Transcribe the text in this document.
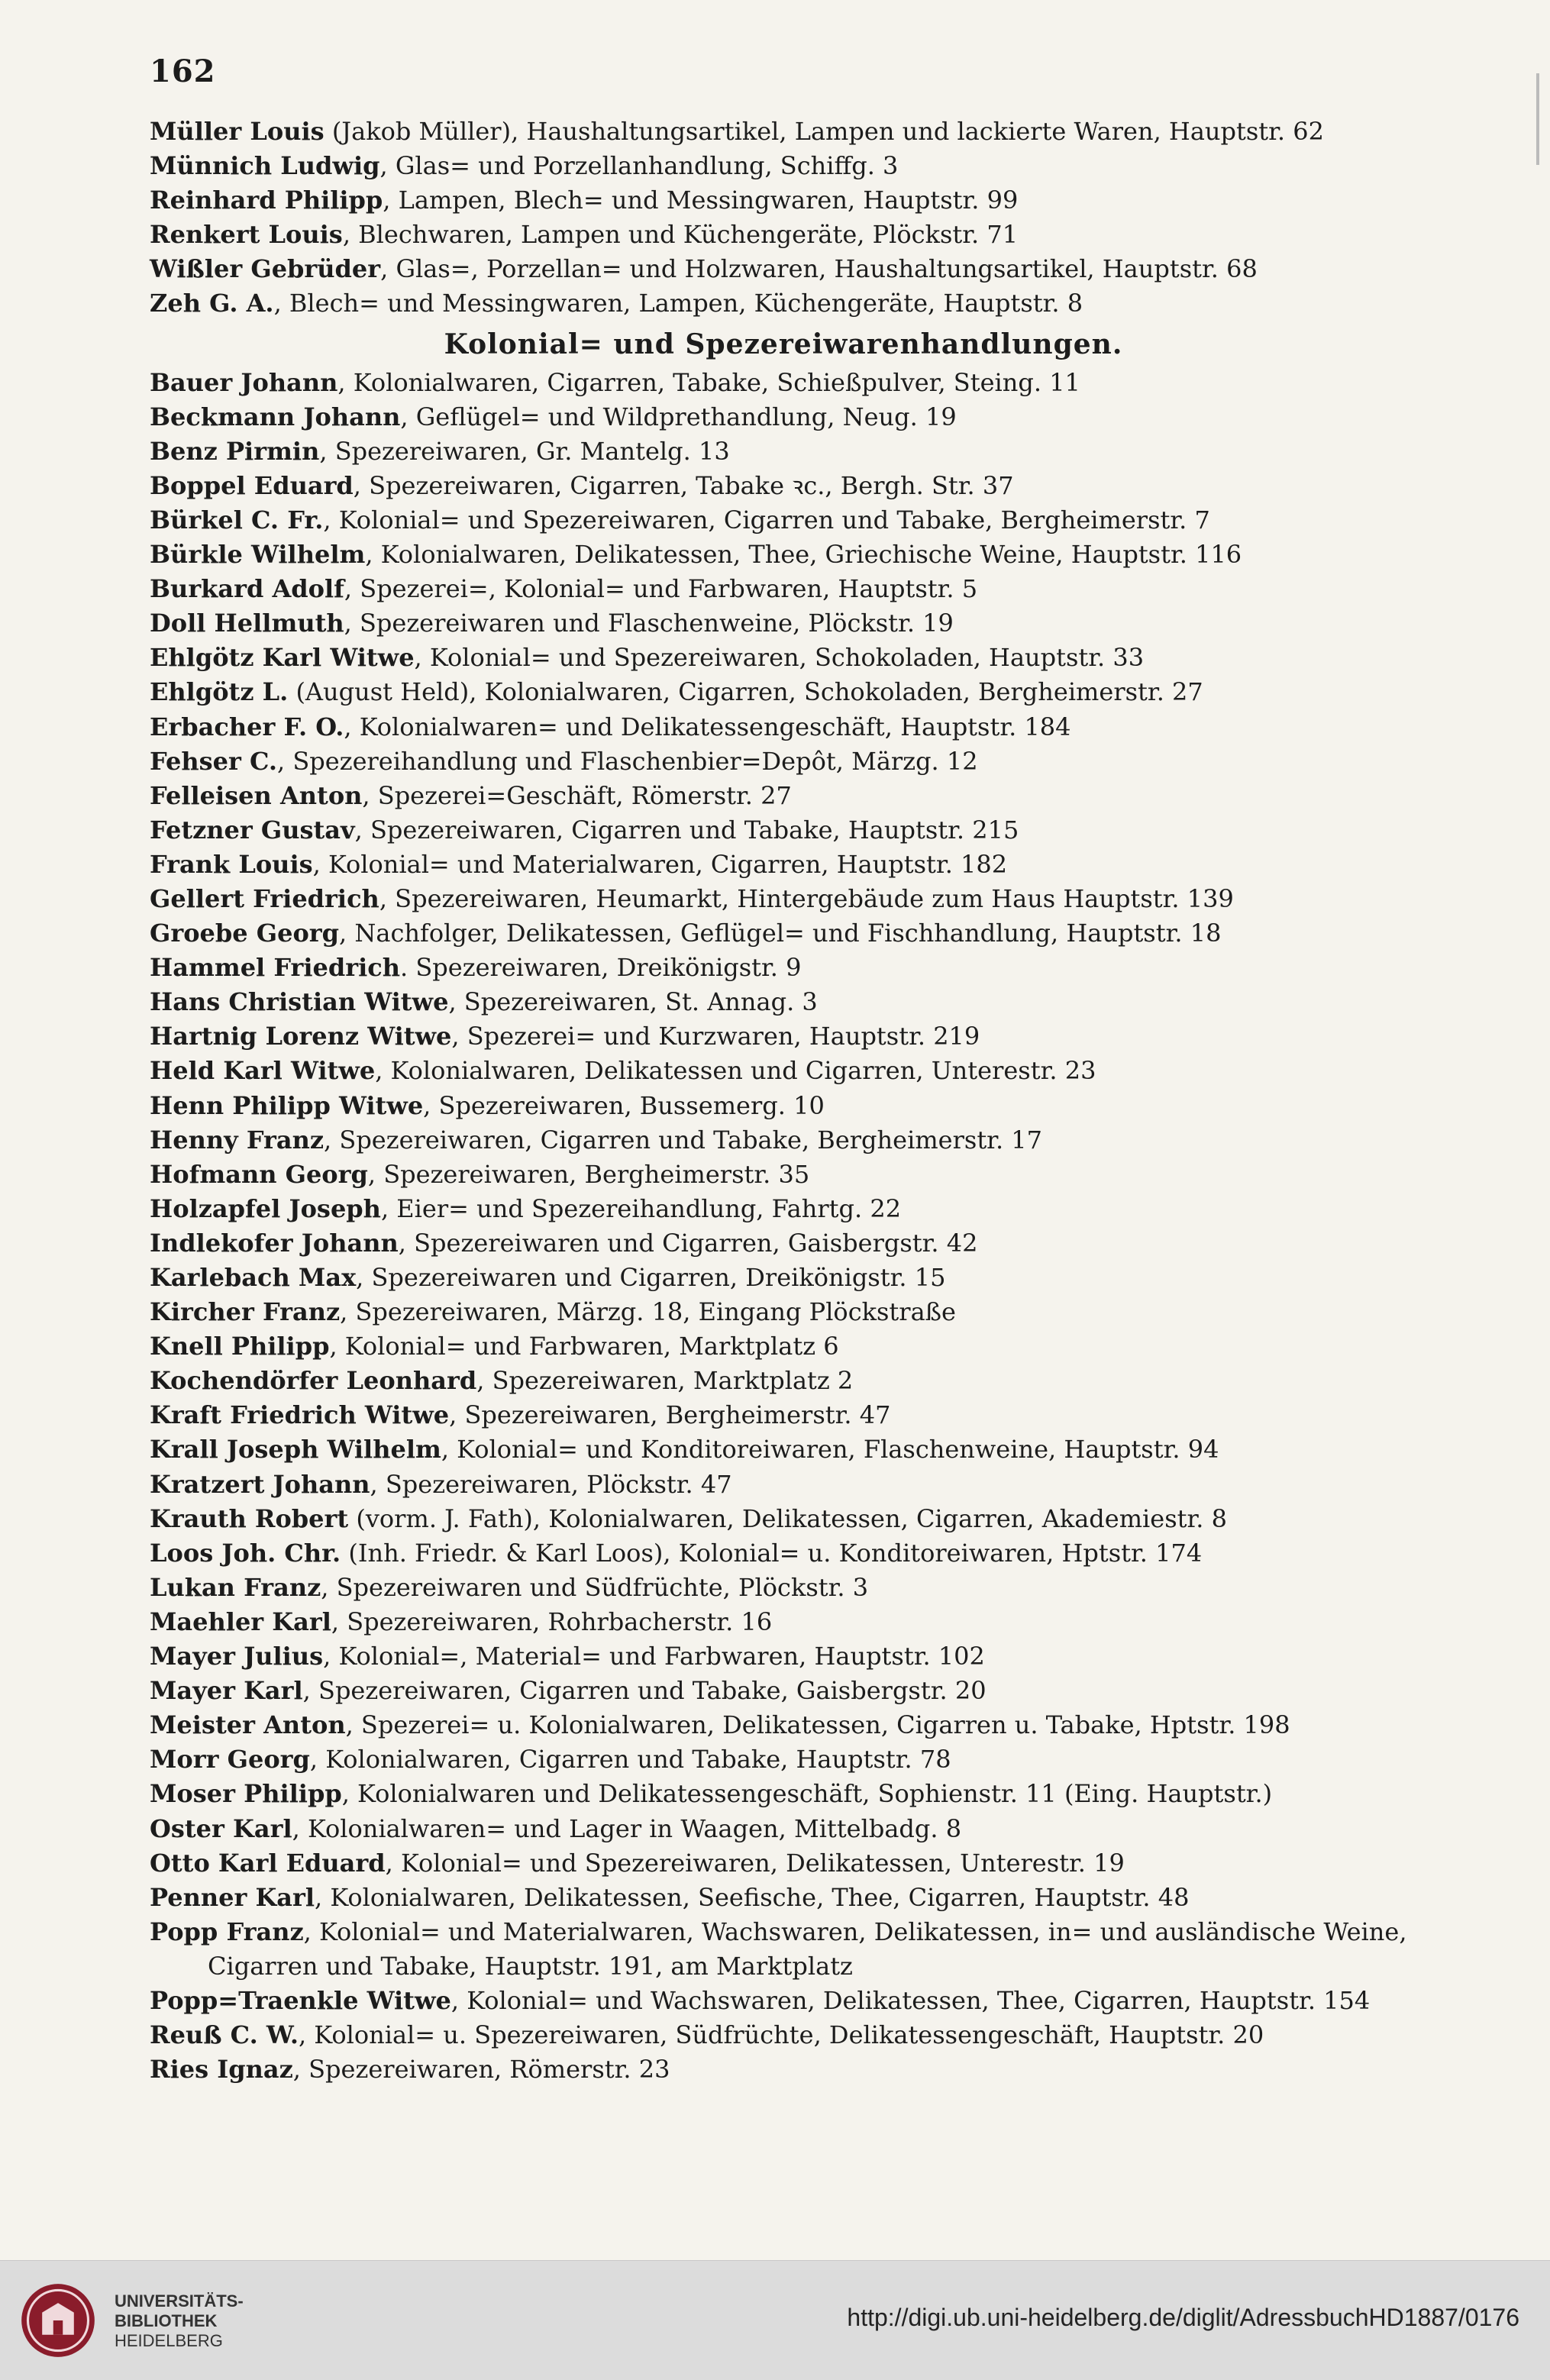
162
Müller Louis (Jakob Müller), Haushaltungsartikel, Lampen und lackierte Waren, Hauptstr. 62
Münnich Ludwig, Glas= und Porzellanhandlung, Schiffg. 3
Reinhard Philipp, Lampen, Blech= und Messingwaren, Hauptstr. 99
Renkert Louis, Blechwaren, Lampen und Küchengeräte, Plöckstr. 71
Wißler Gebrüder, Glas=, Porzellan= und Holzwaren, Haushaltungsartikel, Hauptstr. 68
Zeh G. A., Blech= und Messingwaren, Lampen, Küchengeräte, Hauptstr. 8
Kolonial= und Spezereiwarenhandlungen.
Bauer Johann, Kolonialwaren, Cigarren, Tabake, Schießpulver, Steing. 11
Beckmann Johann, Geflügel= und Wildprethandlung, Neug. 19
Benz Pirmin, Spezereiwaren, Gr. Mantelg. 13
Boppel Eduard, Spezereiwaren, Cigarren, Tabake ꝛc., Bergh. Str. 37
Bürkel C. Fr., Kolonial= und Spezereiwaren, Cigarren und Tabake, Bergheimerstr. 7
Bürkle Wilhelm, Kolonialwaren, Delikatessen, Thee, Griechische Weine, Hauptstr. 116
Burkard Adolf, Spezerei=, Kolonial= und Farbwaren, Hauptstr. 5
Doll Hellmuth, Spezereiwaren und Flaschenweine, Plöckstr. 19
Ehlgötz Karl Witwe, Kolonial= und Spezereiwaren, Schokoladen, Hauptstr. 33
Ehlgötz L. (August Held), Kolonialwaren, Cigarren, Schokoladen, Bergheimerstr. 27
Erbacher F. O., Kolonialwaren= und Delikatessengeschäft, Hauptstr. 184
Fehser C., Spezereihandlung und Flaschenbier=Depôt, Märzg. 12
Felleisen Anton, Spezerei=Geschäft, Römerstr. 27
Fetzner Gustav, Spezereiwaren, Cigarren und Tabake, Hauptstr. 215
Frank Louis, Kolonial= und Materialwaren, Cigarren, Hauptstr. 182
Gellert Friedrich, Spezereiwaren, Heumarkt, Hintergebäude zum Haus Hauptstr. 139
Groebe Georg, Nachfolger, Delikatessen, Geflügel= und Fischhandlung, Hauptstr. 18
Hammel Friedrich. Spezereiwaren, Dreikönigstr. 9
Hans Christian Witwe, Spezereiwaren, St. Annag. 3
Hartnig Lorenz Witwe, Spezerei= und Kurzwaren, Hauptstr. 219
Held Karl Witwe, Kolonialwaren, Delikatessen und Cigarren, Unterestr. 23
Henn Philipp Witwe, Spezereiwaren, Bussemerg. 10
Henny Franz, Spezereiwaren, Cigarren und Tabake, Bergheimerstr. 17
Hofmann Georg, Spezereiwaren, Bergheimerstr. 35
Holzapfel Joseph, Eier= und Spezereihandlung, Fahrtg. 22
Indlekofer Johann, Spezereiwaren und Cigarren, Gaisbergstr. 42
Karlebach Max, Spezereiwaren und Cigarren, Dreikönigstr. 15
Kircher Franz, Spezereiwaren, Märzg. 18, Eingang Plöckstraße
Knell Philipp, Kolonial= und Farbwaren, Marktplatz 6
Kochendörfer Leonhard, Spezereiwaren, Marktplatz 2
Kraft Friedrich Witwe, Spezereiwaren, Bergheimerstr. 47
Krall Joseph Wilhelm, Kolonial= und Konditoreiwaren, Flaschenweine, Hauptstr. 94
Kratzert Johann, Spezereiwaren, Plöckstr. 47
Krauth Robert (vorm. J. Fath), Kolonialwaren, Delikatessen, Cigarren, Akademiestr. 8
Loos Joh. Chr. (Inh. Friedr. & Karl Loos), Kolonial= u. Konditoreiwaren, Hptstr. 174
Lukan Franz, Spezereiwaren und Südfrüchte, Plöckstr. 3
Maehler Karl, Spezereiwaren, Rohrbacherstr. 16
Mayer Julius, Kolonial=, Material= und Farbwaren, Hauptstr. 102
Mayer Karl, Spezereiwaren, Cigarren und Tabake, Gaisbergstr. 20
Meister Anton, Spezerei= u. Kolonialwaren, Delikatessen, Cigarren u. Tabake, Hptstr. 198
Morr Georg, Kolonialwaren, Cigarren und Tabake, Hauptstr. 78
Moser Philipp, Kolonialwaren und Delikatessengeschäft, Sophienstr. 11 (Eing. Hauptstr.)
Oster Karl, Kolonialwaren= und Lager in Waagen, Mittelbadg. 8
Otto Karl Eduard, Kolonial= und Spezereiwaren, Delikatessen, Unterestr. 19
Penner Karl, Kolonialwaren, Delikatessen, Seefische, Thee, Cigarren, Hauptstr. 48
Popp Franz, Kolonial= und Materialwaren, Wachswaren, Delikatessen, in= und ausländische Weine, Cigarren und Tabake, Hauptstr. 191, am Marktplatz
Popp=Traenkle Witwe, Kolonial= und Wachswaren, Delikatessen, Thee, Cigarren, Hauptstr. 154
Reuß C. W., Kolonial= u. Spezereiwaren, Südfrüchte, Delikatessengeschäft, Hauptstr. 20
Ries Ignaz, Spezereiwaren, Römerstr. 23
UNIVERSITÄTS-
BIBLIOTHEK
HEIDELBERG
http://digi.ub.uni-heidelberg.de/diglit/AdressbuchHD1887/0176
